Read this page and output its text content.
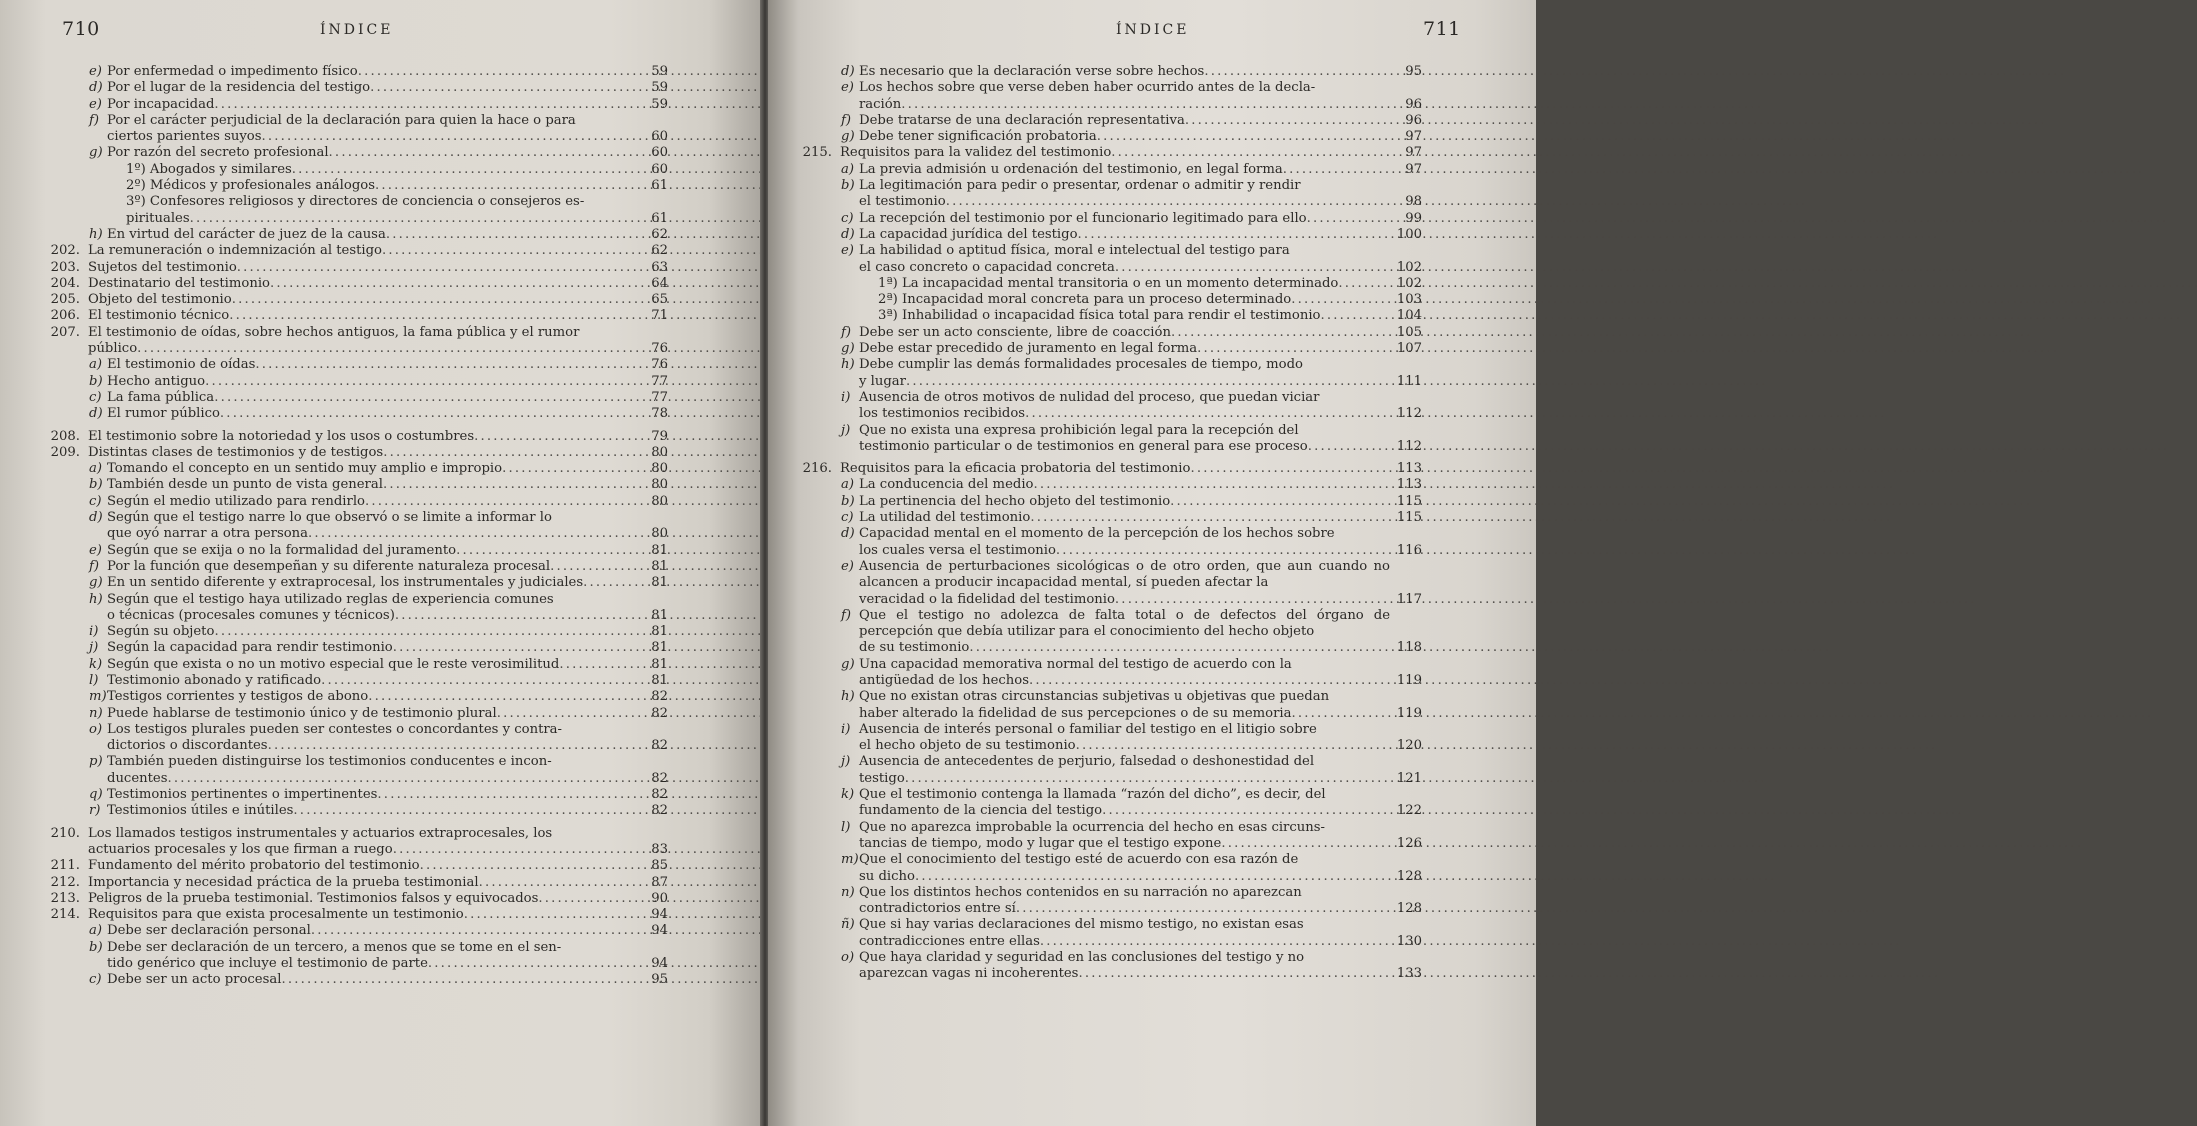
710	ÍNDICE
e) Por enfermedad o impedimento físico . . .	59
d) Por el lugar de la residencia del testigo . . .	59
e) Por incapacidad . . .	59
f) Por el carácter perjudicial de la declaración para quien la hace o para
ciertos parientes suyos . . .	60
g) Por razón del secreto profesional . . .	60
1º) Abogados y similares . . .	60
2º) Médicos y profesionales análogos . . .	61
3º) Confesores religiosos y directores de conciencia o consejeros es-
pirituales . . .	61
h) En virtud del carácter de juez de la causa . . .	62
202. La remuneración o indemnización al testigo . . .	62
203. Sujetos del testimonio . . .	63
204. Destinatario del testimonio . . .	64
205. Objeto del testimonio . . .	65
206. El testimonio técnico . . .	71
207. El testimonio de oídas, sobre hechos antiguos, la fama pública y el rumor
público . . .	76
a) El testimonio de oídas . . .	76
b) Hecho antiguo . . .	77
c) La fama pública . . .	77
d) El rumor público . . .	78
208. El testimonio sobre la notoriedad y los usos o costumbres . . .	79
209. Distintas clases de testimonios y de testigos . . .	80
a) Tomando el concepto en un sentido muy amplio e impropio . . .	80
b) También desde un punto de vista general . . .	80
c) Según el medio utilizado para rendirlo . . .	80
d) Según que el testigo narre lo que observó o se limite a informar lo
que oyó narrar a otra persona . . .	80
e) Según que se exija o no la formalidad del juramento . . .	81
f) Por la función que desempeñan y su diferente naturaleza procesal . . .	81
g) En un sentido diferente y extraprocesal, los instrumentales y judiciales . . .	81
h) Según que el testigo haya utilizado reglas de experiencia comunes
o técnicas (procesales comunes y técnicos) . . .	81
i) Según su objeto . . .	81
j) Según la capacidad para rendir testimonio . . .	81
k) Según que exista o no un motivo especial que le reste verosimilitud . . .	81
l) Testimonio abonado y ratificado . . .	81
m) Testigos corrientes y testigos de abono . . .	82
n) Puede hablarse de testimonio único y de testimonio plural . . .	82
o) Los testigos plurales pueden ser contestes o concordantes y contra-
dictorios o discordantes . . .	82
p) También pueden distinguirse los testimonios conducentes e incon-
ducentes . . .	82
q) Testimonios pertinentes o impertinentes . . .	82
r) Testimonios útiles e inútiles . . .	82
210. Los llamados testigos instrumentales y actuarios extraprocesales, los
actuarios procesales y los que firman a ruego . . .	83
211. Fundamento del mérito probatorio del testimonio . . .	85
212. Importancia y necesidad práctica de la prueba testimonial . . .	87
213. Peligros de la prueba testimonial. Testimonios falsos y equivocados . . .	90
214. Requisitos para que exista procesalmente un testimonio . . .	94
a) Debe ser declaración personal . . .	94
b) Debe ser declaración de un tercero, a menos que se tome en el sen-
tido genérico que incluye el testimonio de parte . . .	94
c) Debe ser un acto procesal . . .	95
ÍNDICE	711
d) Es necesario que la declaración verse sobre hechos . . .	95
e) Los hechos sobre que verse deben haber ocurrido antes de la decla-
ración . . .	96
f) Debe tratarse de una declaración representativa . . .	96
g) Debe tener significación probatoria . . .	97
215. Requisitos para la validez del testimonio . . .	97
a) La previa admisión u ordenación del testimonio, en legal forma . . .	97
b) La legitimación para pedir o presentar, ordenar o admitir y rendir
el testimonio . . .	98
c) La recepción del testimonio por el funcionario legitimado para ello . . .	99
d) La capacidad jurídica del testigo . . .	100
e) La habilidad o aptitud física, moral e intelectual del testigo para
el caso concreto o capacidad concreta . . .	102
1ª) La incapacidad mental transitoria o en un momento determinado . . .	102
2ª) Incapacidad moral concreta para un proceso determinado . . .	103
3ª) Inhabilidad o incapacidad física total para rendir el testimonio . . .	104
f) Debe ser un acto consciente, libre de coacción . . .	105
g) Debe estar precedido de juramento en legal forma . . .	107
h) Debe cumplir las demás formalidades procesales de tiempo, modo
y lugar . . .	111
i) Ausencia de otros motivos de nulidad del proceso, que puedan viciar
los testimonios recibidos . . .	112
j) Que no exista una expresa prohibición legal para la recepción del
testimonio particular o de testimonios en general para ese proceso . . .	112
216. Requisitos para la eficacia probatoria del testimonio . . .	113
a) La conducencia del medio . . .	113
b) La pertinencia del hecho objeto del testimonio . . .	115
c) La utilidad del testimonio . . .	115
d) Capacidad mental en el momento de la percepción de los hechos sobre
los cuales versa el testimonio . . .	116
e) Ausencia de perturbaciones sicológicas o de otro orden, que aun cuando no alcancen a producir incapacidad mental, sí pueden afectar la
veracidad o la fidelidad del testimonio . . .	117
f) Que el testigo no adolezca de falta total o de defectos del órgano de percepción que debía utilizar para el conocimiento del hecho objeto
de su testimonio . . .	118
g) Una capacidad memorativa normal del testigo de acuerdo con la
antigüedad de los hechos . . .	119
h) Que no existan otras circunstancias subjetivas u objetivas que puedan
haber alterado la fidelidad de sus percepciones o de su memoria . . .	119
i) Ausencia de interés personal o familiar del testigo en el litigio sobre
el hecho objeto de su testimonio . . .	120
j) Ausencia de antecedentes de perjurio, falsedad o deshonestidad del
testigo . . .	121
k) Que el testimonio contenga la llamada “razón del dicho”, es decir, del
fundamento de la ciencia del testigo . . .	122
l) Que no aparezca improbable la ocurrencia del hecho en esas circuns-
tancias de tiempo, modo y lugar que el testigo expone . . .	126
m) Que el conocimiento del testigo esté de acuerdo con esa razón de
su dicho . . .	128
n) Que los distintos hechos contenidos en su narración no aparezcan
contradictorios entre sí . . .	128
ñ) Que si hay varias declaraciones del mismo testigo, no existan esas
contradicciones entre ellas . . .	130
o) Que haya claridad y seguridad en las conclusiones del testigo y no
aparezcan vagas ni incoherentes . . .	133
